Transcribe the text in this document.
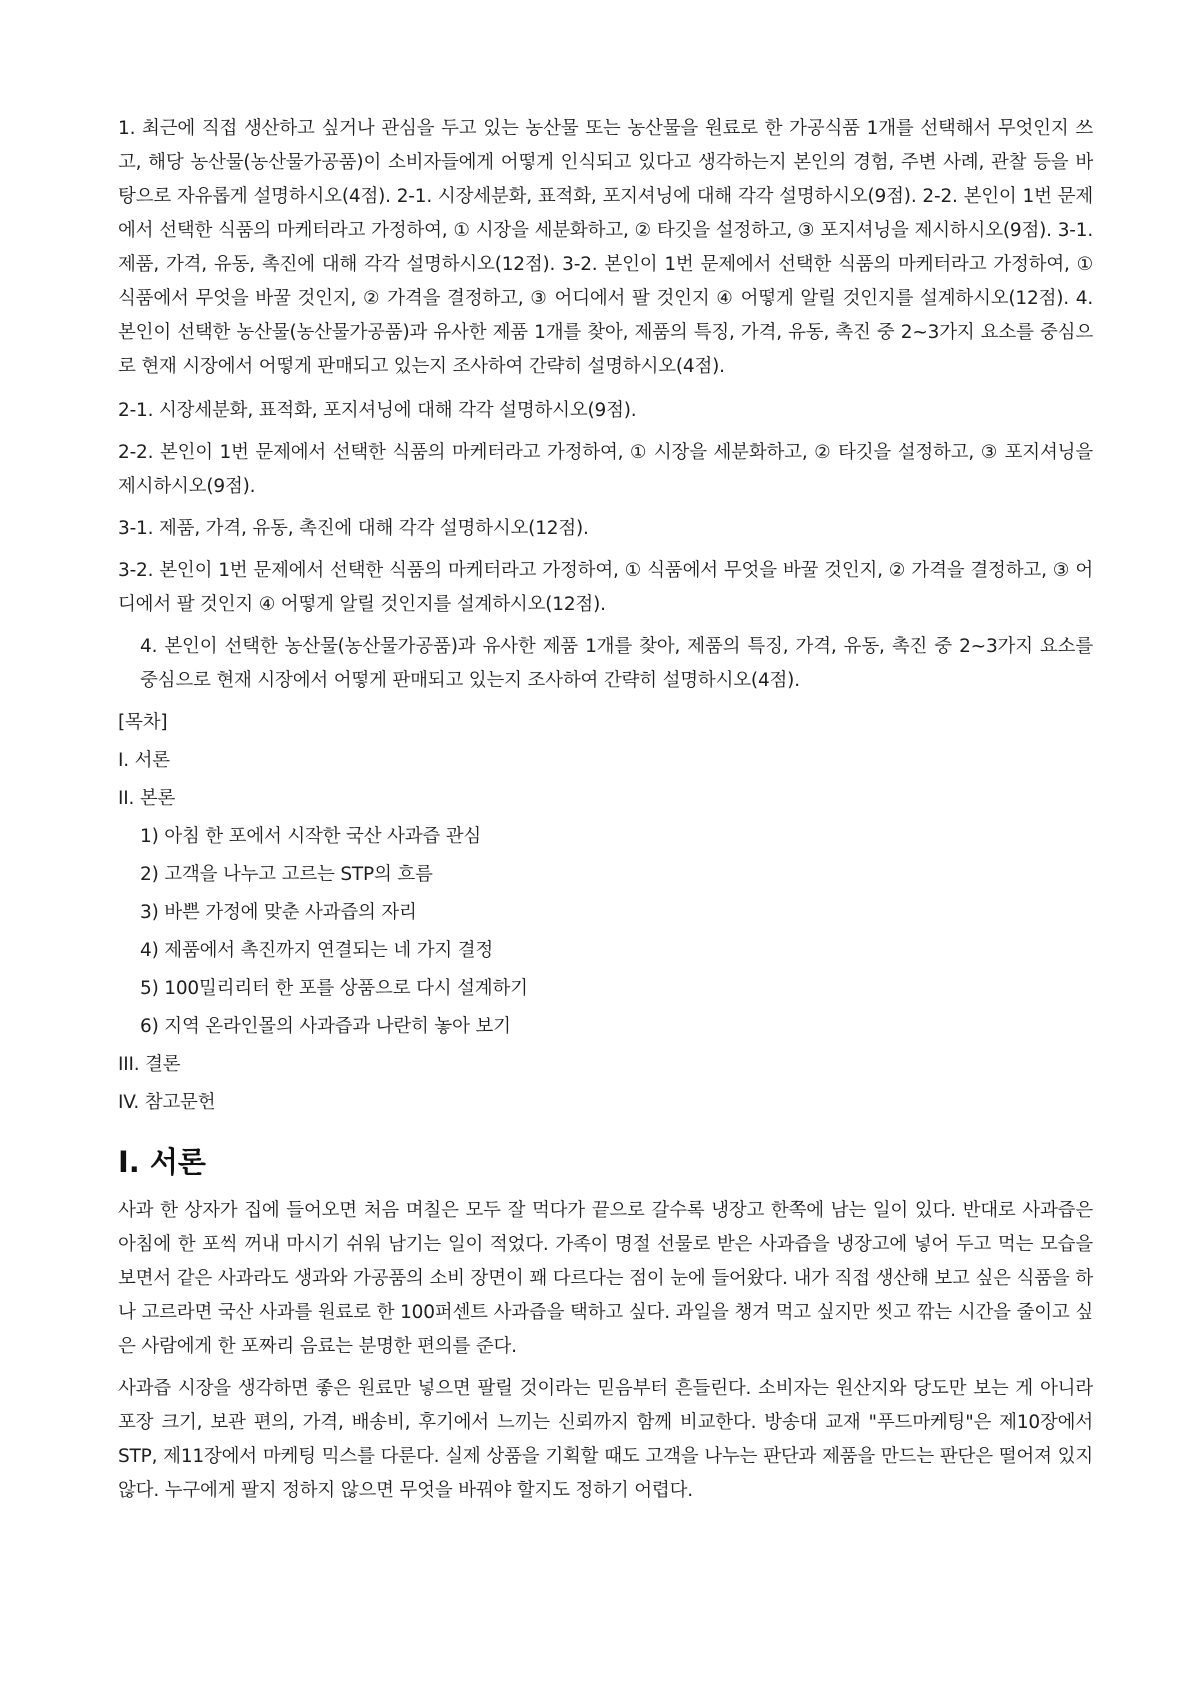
1. 최근에 직접 생산하고 싶거나 관심을 두고 있는 농산물 또는 농산물을 원료로 한 가공식품 1개를 선택해서 무엇인지 쓰고, 해당 농산물(농산물가공품)이 소비자들에게 어떻게 인식되고 있다고 생각하는지 본인의 경험, 주변 사례, 관찰 등을 바탕으로 자유롭게 설명하시오(4점). 2-1. 시장세분화, 표적화, 포지셔닝에 대해 각각 설명하시오(9점). 2-2. 본인이 1번 문제에서 선택한 식품의 마케터라고 가정하여, ① 시장을 세분화하고, ② 타깃을 설정하고, ③ 포지셔닝을 제시하시오(9점). 3-1. 제품, 가격, 유동, 촉진에 대해 각각 설명하시오(12점). 3-2. 본인이 1번 문제에서 선택한 식품의 마케터라고 가정하여, ① 식품에서 무엇을 바꿀 것인지, ② 가격을 결정하고, ③ 어디에서 팔 것인지 ④ 어떻게 알릴 것인지를 설계하시오(12점). 4. 본인이 선택한 농산물(농산물가공품)과 유사한 제품 1개를 찾아, 제품의 특징, 가격, 유동, 촉진 중 2~3가지 요소를 중심으로 현재 시장에서 어떻게 판매되고 있는지 조사하여 간략히 설명하시오(4점).

2-1. 시장세분화, 표적화, 포지셔닝에 대해 각각 설명하시오(9점).

2-2. 본인이 1번 문제에서 선택한 식품의 마케터라고 가정하여, ① 시장을 세분화하고, ② 타깃을 설정하고, ③ 포지셔닝을 제시하시오(9점).

3-1. 제품, 가격, 유동, 촉진에 대해 각각 설명하시오(12점).

3-2. 본인이 1번 문제에서 선택한 식품의 마케터라고 가정하여, ① 식품에서 무엇을 바꿀 것인지, ② 가격을 결정하고, ③ 어디에서 팔 것인지 ④ 어떻게 알릴 것인지를 설계하시오(12점).

4. 본인이 선택한 농산물(농산물가공품)과 유사한 제품 1개를 찾아, 제품의 특징, 가격, 유동, 촉진 중 2~3가지 요소를 중심으로 현재 시장에서 어떻게 판매되고 있는지 조사하여 간략히 설명하시오(4점).

[목차]

I. 서론

II. 본론

1) 아침 한 포에서 시작한 국산 사과즙 관심

2) 고객을 나누고 고르는 STP의 흐름

3) 바쁜 가정에 맞춘 사과즙의 자리

4) 제품에서 촉진까지 연결되는 네 가지 결정

5) 100밀리리터 한 포를 상품으로 다시 설계하기

6) 지역 온라인몰의 사과즙과 나란히 놓아 보기

III. 결론

IV. 참고문헌

I. 서론

사과 한 상자가 집에 들어오면 처음 며칠은 모두 잘 먹다가 끝으로 갈수록 냉장고 한쪽에 남는 일이 있다. 반대로 사과즙은 아침에 한 포씩 꺼내 마시기 쉬워 남기는 일이 적었다. 가족이 명절 선물로 받은 사과즙을 냉장고에 넣어 두고 먹는 모습을 보면서 같은 사과라도 생과와 가공품의 소비 장면이 꽤 다르다는 점이 눈에 들어왔다. 내가 직접 생산해 보고 싶은 식품을 하나 고르라면 국산 사과를 원료로 한 100퍼센트 사과즙을 택하고 싶다. 과일을 챙겨 먹고 싶지만 씻고 깎는 시간을 줄이고 싶은 사람에게 한 포짜리 음료는 분명한 편의를 준다.

사과즙 시장을 생각하면 좋은 원료만 넣으면 팔릴 것이라는 믿음부터 흔들린다. 소비자는 원산지와 당도만 보는 게 아니라 포장 크기, 보관 편의, 가격, 배송비, 후기에서 느끼는 신뢰까지 함께 비교한다. 방송대 교재 "푸드마케팅"은 제10장에서 STP, 제11장에서 마케팅 믹스를 다룬다. 실제 상품을 기획할 때도 고객을 나누는 판단과 제품을 만드는 판단은 떨어져 있지 않다. 누구에게 팔지 정하지 않으면 무엇을 바꿔야 할지도 정하기 어렵다.
